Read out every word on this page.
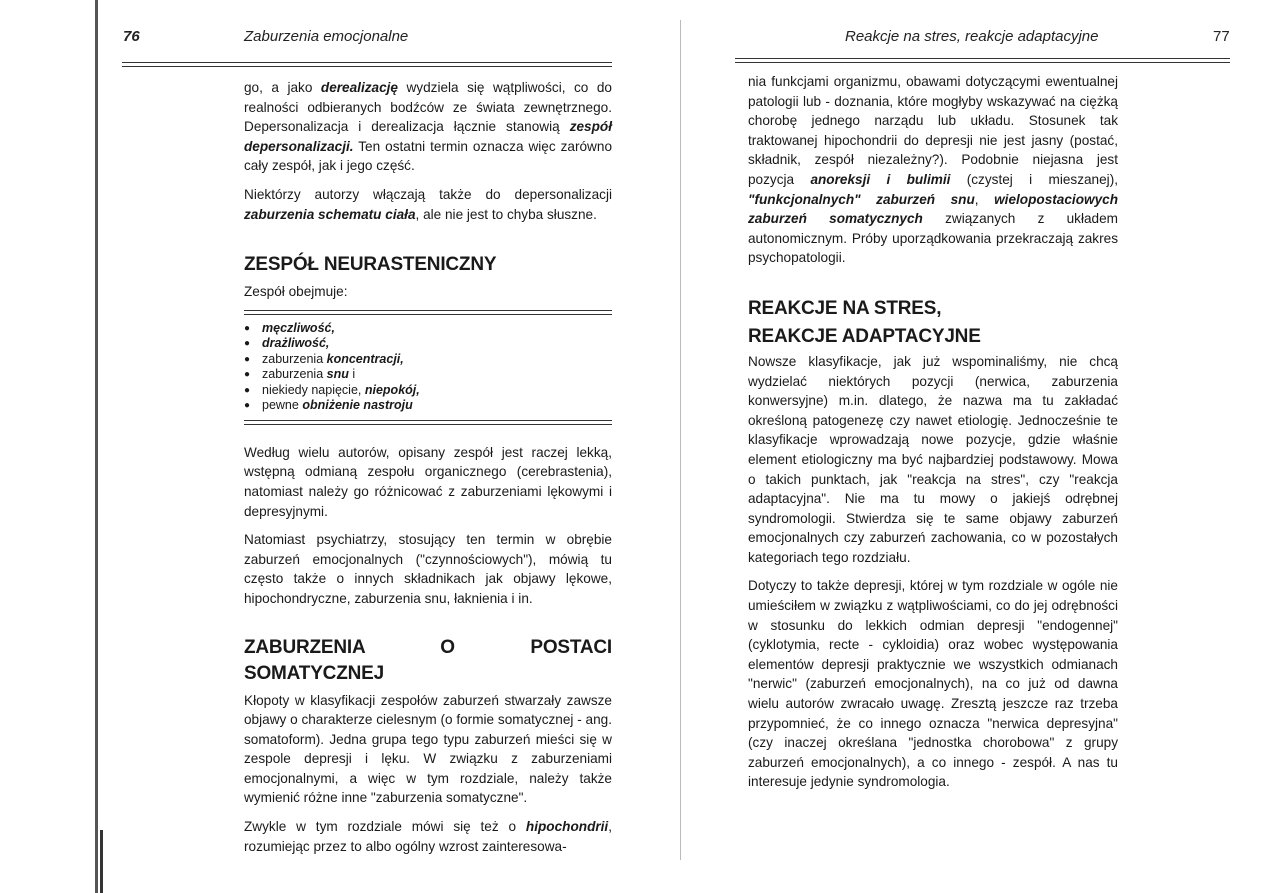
76	Zaburzenia emocjonalne

go, a jako derealizację wydziela się wątpliwości, co do realności odbieranych bodźców ze świata zewnętrznego. Depersonalizacja i derealizacja łącznie stanowią zespół depersonalizacji. Ten ostatni termin oznacza więc zarówno cały zespół, jak i jego część.

Niektórzy autorzy włączają także do depersonalizacji zaburzenia schematu ciała, ale nie jest to chyba słuszne.

ZESPÓŁ NEURASTENICZNY
Zespół obejmuje:
● męczliwość,
● drażliwość,
● zaburzenia koncentracji,
● zaburzenia snu i
● niekiedy napięcie, niepokój,
● pewne obniżenie nastroju

Według wielu autorów, opisany zespół jest raczej lekką, wstępną odmianą zespołu organicznego (cerebrastenia), natomiast należy go różnicować z zaburzeniami lękowymi i depresyjnymi.

Natomiast psychiatrzy, stosujący ten termin w obrębie zaburzeń emocjonalnych ("czynnościowych"), mówią tu często także o innych składnikach jak objawy lękowe, hipochondryczne, zaburzenia snu, łaknienia i in.

ZABURZENIA O POSTACI SOMATYCZNEJ

Kłopoty w klasyfikacji zespołów zaburzeń stwarzały zawsze objawy o charakterze cielesnym (o formie somatycznej - ang. somatoform). Jedna grupa tego typu zaburzeń mieści się w zespole depresji i lęku. W związku z zaburzeniami emocjonalnymi, a więc w tym rozdziale, należy także wymienić różne inne "zaburzenia somatyczne".

Zwykle w tym rozdziale mówi się też o hipochondrii, rozumiejąc przez to albo ogólny wzrost zainteresowa-

Reakcje na stres, reakcje adaptacyjne	77

nia funkcjami organizmu, obawami dotyczącymi ewentualnej patologii lub - doznania, które mogłyby wskazywać na ciężką chorobę jednego narządu lub układu. Stosunek tak traktowanej hipochondrii do depresji nie jest jasny (postać, składnik, zespół niezależny?). Podobnie niejasna jest pozycja anoreksji i bulimii (czystej i mieszanej), "funkcjonalnych" zaburzeń snu, wielopostaciowych zaburzeń somatycznych związanych z układem autonomicznym. Próby uporządkowania przekraczają zakres psychopatologii.

REAKCJE NA STRES,
REAKCJE ADAPTACYJNE

Nowsze klasyfikacje, jak już wspominaliśmy, nie chcą wydzielać niektórych pozycji (nerwica, zaburzenia konwersyjne) m.in. dlatego, że nazwa ma tu zakładać określoną patogenezę czy nawet etiologię. Jednocześnie te klasyfikacje wprowadzają nowe pozycje, gdzie właśnie element etiologiczny ma być najbardziej podstawowy. Mowa o takich punktach, jak "reakcja na stres", czy "reakcja adaptacyjna". Nie ma tu mowy o jakiejś odrębnej syndromologii. Stwierdza się te same objawy zaburzeń emocjonalnych czy zaburzeń zachowania, co w pozostałych kategoriach tego rozdziału.

Dotyczy to także depresji, której w tym rozdziale w ogóle nie umieściłem w związku z wątpliwościami, co do jej odrębności w stosunku do lekkich odmian depresji "endogennej" (cyklotymia, recte - cykloidia) oraz wobec występowania elementów depresji praktycznie we wszystkich odmianach "nerwic" (zaburzeń emocjonalnych), na co już od dawna wielu autorów zwracało uwagę. Zresztą jeszcze raz trzeba przypomnieć, że co innego oznacza "nerwica depresyjna" (czy inaczej określana "jednostka chorobowa" z grupy zaburzeń emocjonalnych), a co innego - zespół. A nas tu interesuje jedynie syndromologia.
